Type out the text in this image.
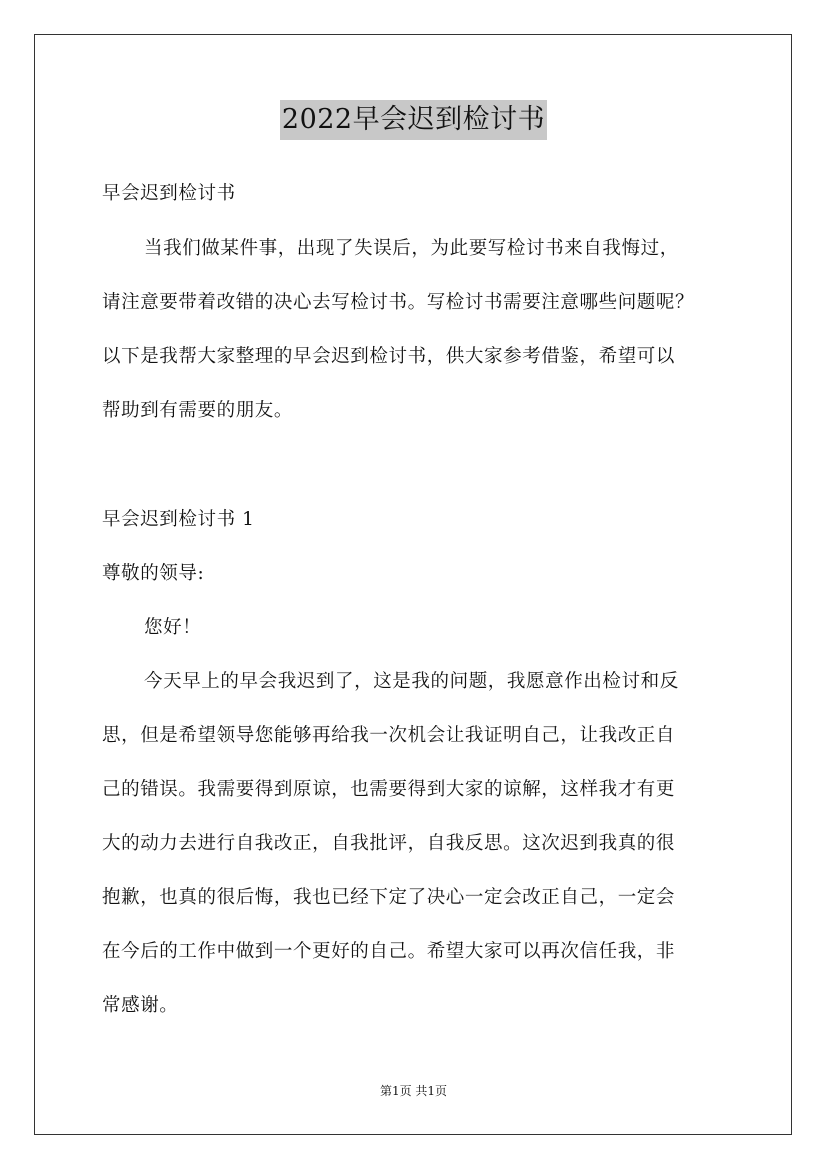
2022早会迟到检讨书
早会迟到检讨书
当我们做某件事，出现了失误后，为此要写检讨书来自我悔过，
请注意要带着改错的决心去写检讨书。写检讨书需要注意哪些问题呢？
以下是我帮大家整理的早会迟到检讨书，供大家参考借鉴，希望可以
帮助到有需要的朋友。
早会迟到检讨书 1
尊敬的领导:
您好！
今天早上的早会我迟到了，这是我的问题，我愿意作出检讨和反
思，但是希望领导您能够再给我一次机会让我证明自己，让我改正自
己的错误。我需要得到原谅，也需要得到大家的谅解，这样我才有更
大的动力去进行自我改正，自我批评，自我反思。这次迟到我真的很
抱歉，也真的很后悔，我也已经下定了决心一定会改正自己，一定会
在今后的工作中做到一个更好的自己。希望大家可以再次信任我，非
常感谢。
第1页 共1页
